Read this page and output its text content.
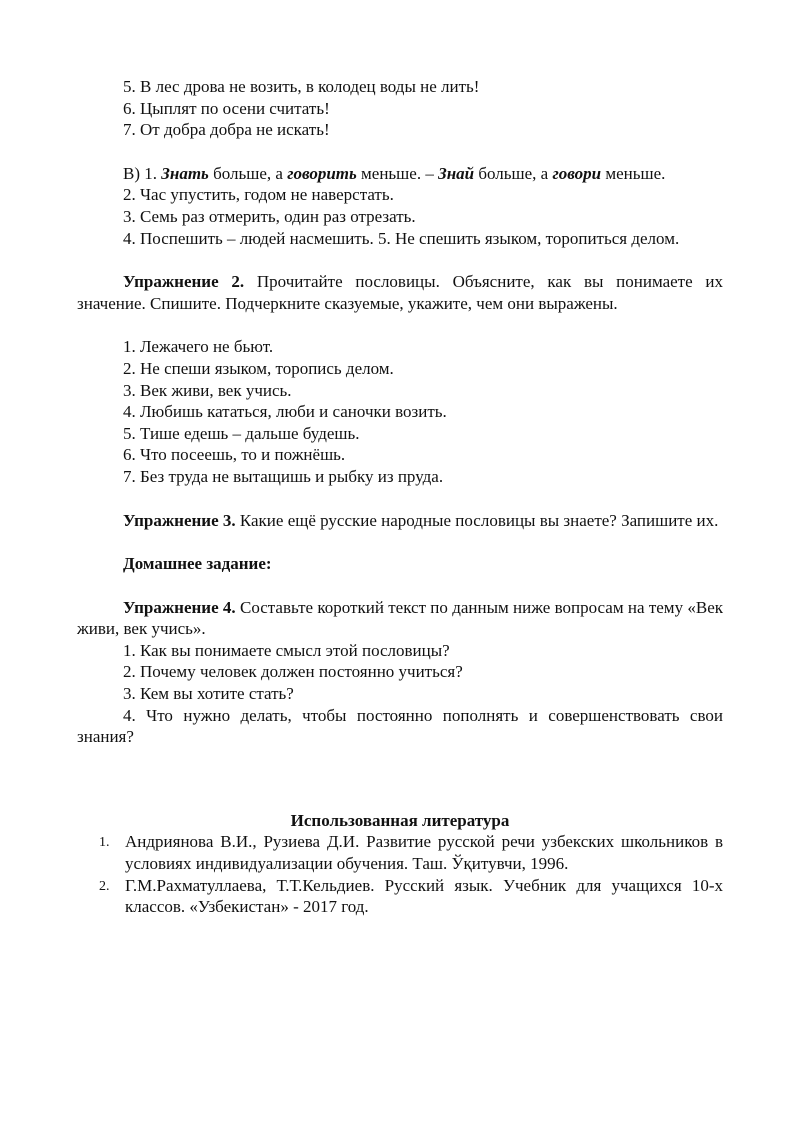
5. В лес дрова не возить, в колодец воды не лить!

6. Цыплят по осени считать!

7. От добра добра не искать!

В) 1. Знать больше, а говорить меньше. – Знай больше, а говори меньше.

2. Час упустить, годом не наверстать.

3. Семь раз отмерить, один раз отрезать.

4. Поспешить – людей насмешить. 5. Не спешить языком, торопиться делом.

Упражнение 2. Прочитайте пословицы. Объясните, как вы понимаете их значение. Спишите. Подчеркните сказуемые, укажите, чем они выражены.

1. Лежачего не бьют.

2. Не спеши языком, торопись делом.

3. Век живи, век учись.

4. Любишь кататься, люби и саночки возить.

5. Тише едешь – дальше будешь.

6. Что посеешь, то и пожнёшь.

7. Без труда не вытащишь и рыбку из пруда.

Упражнение 3. Какие ещё русские народные пословицы вы знаете? Запишите их.

Домашнее задание:

Упражнение 4. Составьте короткий текст по данным ниже вопросам на тему «Век живи, век учись».

1. Как вы понимаете смысл этой пословицы?

2. Почему человек должен постоянно учиться?

3. Кем вы хотите стать?

4. Что нужно делать, чтобы постоянно пополнять и совершенствовать свои знания?

Использованная литература

1. Андриянова В.И., Рузиева Д.И. Развитие русской речи узбекских школьников в условиях индивидуализации обучения. Таш. Ўқитувчи, 1996.
2. Г.М.Рахматуллаева, Т.Т.Кельдиев. Русский язык. Учебник для учащихся 10-х классов. «Узбекистан» - 2017 год.
